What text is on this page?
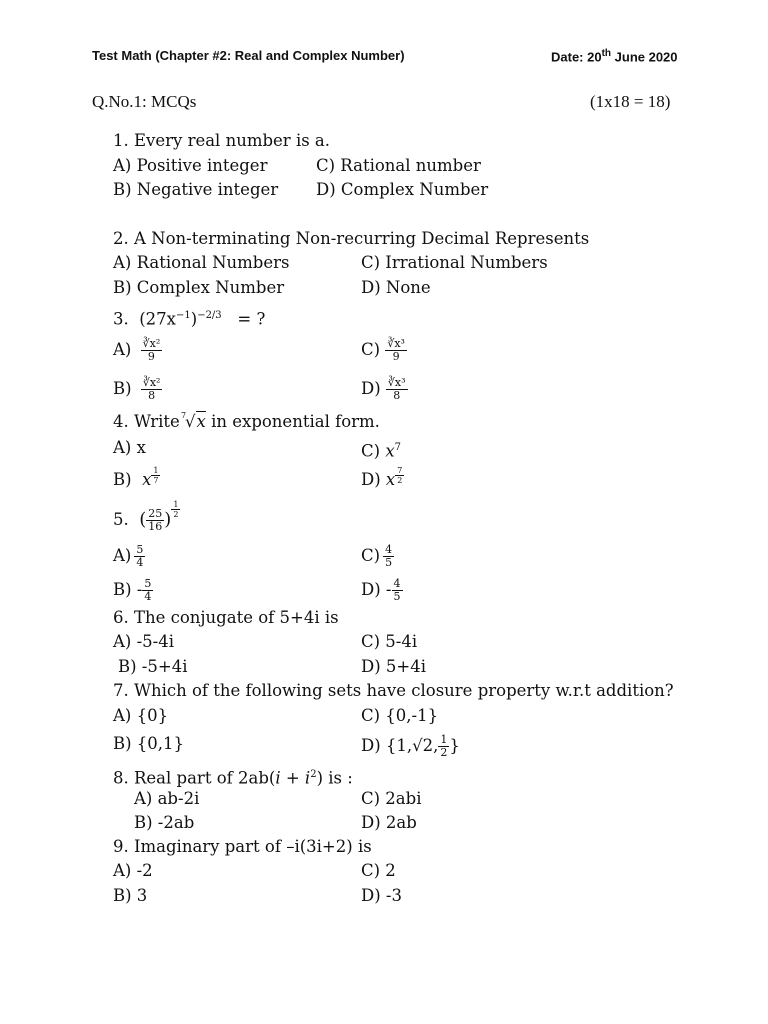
Test Math (Chapter #2: Real and Complex Number)	Date: 20th June 2020
Q.No.1: MCQs	(1x18 = 18)
1. Every real number is a.
A) Positive integer	C) Rational number
B) Negative integer D) Complex Number
2. A Non-terminating Non-recurring Decimal Represents
A) Rational Numbers	C) Irrational Numbers
B) Complex Number	D) None
3. $(27x^{-1})^{-2/3}$ = ?
$A) \frac{\text{∛x²}}{9}$	$C) \frac{\text{∛x³}}{9}$
$B) \frac{\text{∛x²}}{8}$	$D) \frac{\text{∛x³}}{8}$
4. Write 7
√x in exponential form.
A) x	C) $x^7$
B) x $\frac{1}{7}$	D) x $\frac{7}{2}$
5. ( $\frac{25}{16}$ ) $\frac{1}{2}$
$A) \frac{5}{4}$	$C) \frac{4}{5}$
$B) - \frac{5}{4}$	$D) - \frac{4}{5}$
6. The conjugate of 5+4i is
A) -5-4i	C) 5-4i
B) -5+4i	D) 5+4i
7. Which of the following sets have closure property w.r.t addition?
A) {0}	C) {0,-1}
B) {0,1}	D) {1,√2, $\frac{1}{2}$ }
8. Real part of $2ab(i + i^2)$ is :
A) ab-2i	C) 2abi
B) -2ab	D) 2ab
9. Imaginary part of –i(3i+2) is
A) -2	C) 2
B) 3	D) -3
